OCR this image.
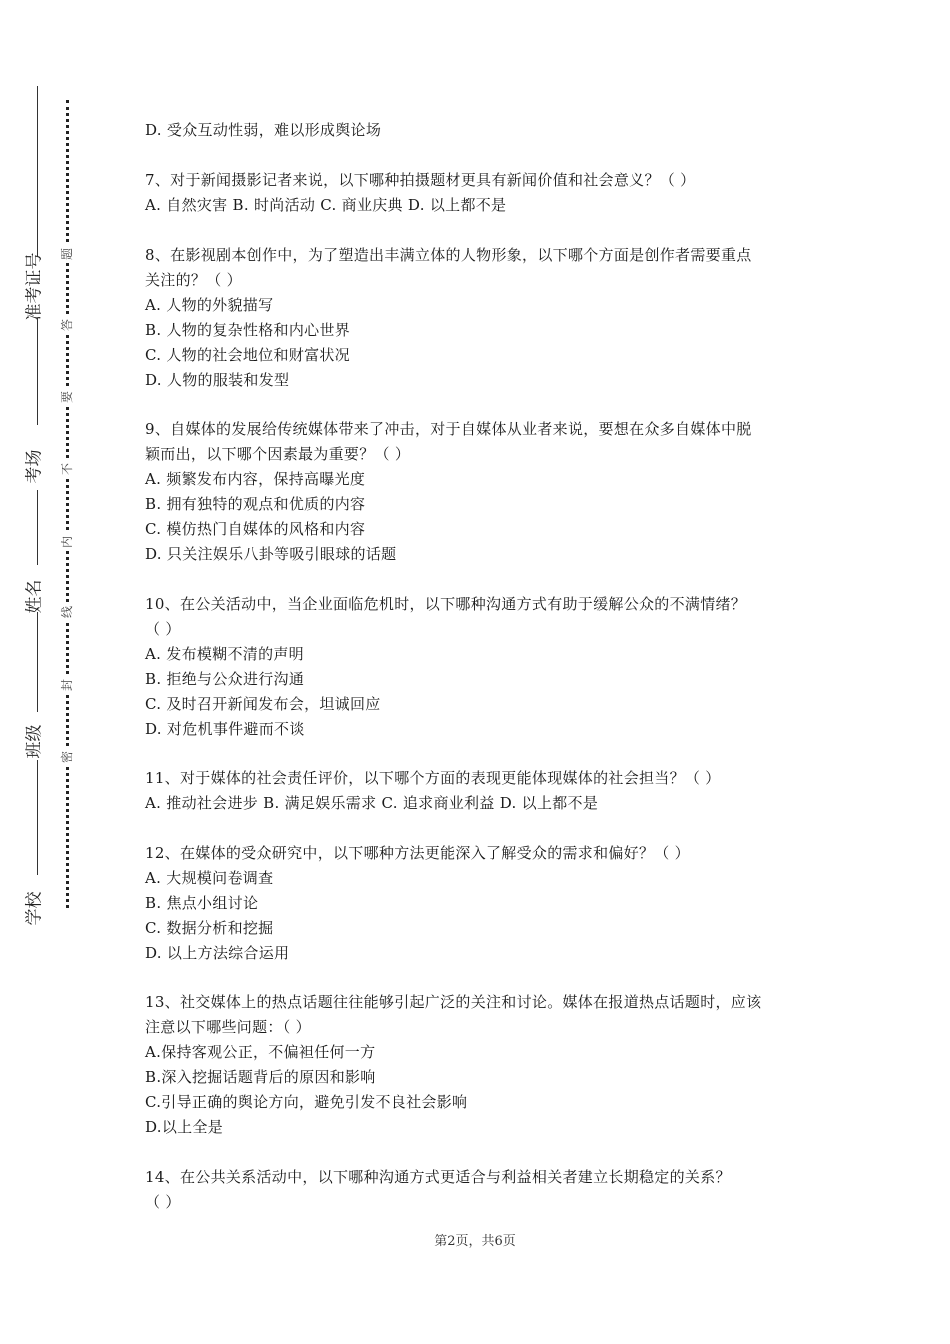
准考证号
考场
姓名
班级
学校
题
答
要
不
内
线
封
密
D. 受众互动性弱，难以形成舆论场
7、对于新闻摄影记者来说，以下哪种拍摄题材更具有新闻价值和社会意义？（ ）
A. 自然灾害 B. 时尚活动 C. 商业庆典 D. 以上都不是
8、在影视剧本创作中，为了塑造出丰满立体的人物形象，以下哪个方面是创作者需要重点
关注的？（ ）
A. 人物的外貌描写
B. 人物的复杂性格和内心世界
C. 人物的社会地位和财富状况
D. 人物的服装和发型
9、自媒体的发展给传统媒体带来了冲击，对于自媒体从业者来说，要想在众多自媒体中脱
颖而出，以下哪个因素最为重要？（ ）
A. 频繁发布内容，保持高曝光度
B. 拥有独特的观点和优质的内容
C. 模仿热门自媒体的风格和内容
D. 只关注娱乐八卦等吸引眼球的话题
10、在公关活动中，当企业面临危机时，以下哪种沟通方式有助于缓解公众的不满情绪？
（ ）
A. 发布模糊不清的声明
B. 拒绝与公众进行沟通
C. 及时召开新闻发布会，坦诚回应
D. 对危机事件避而不谈
11、对于媒体的社会责任评价，以下哪个方面的表现更能体现媒体的社会担当？（ ）
A. 推动社会进步 B. 满足娱乐需求 C. 追求商业利益 D. 以上都不是
12、在媒体的受众研究中，以下哪种方法更能深入了解受众的需求和偏好？（ ）
A. 大规模问卷调查
B. 焦点小组讨论
C. 数据分析和挖掘
D. 以上方法综合运用
13、社交媒体上的热点话题往往能够引起广泛的关注和讨论。媒体在报道热点话题时，应该
注意以下哪些问题：（ ）
A.保持客观公正，不偏袒任何一方
B.深入挖掘话题背后的原因和影响
C.引导正确的舆论方向，避免引发不良社会影响
D.以上全是
14、在公共关系活动中，以下哪种沟通方式更适合与利益相关者建立长期稳定的关系？
（ ）
第2页，共6页
